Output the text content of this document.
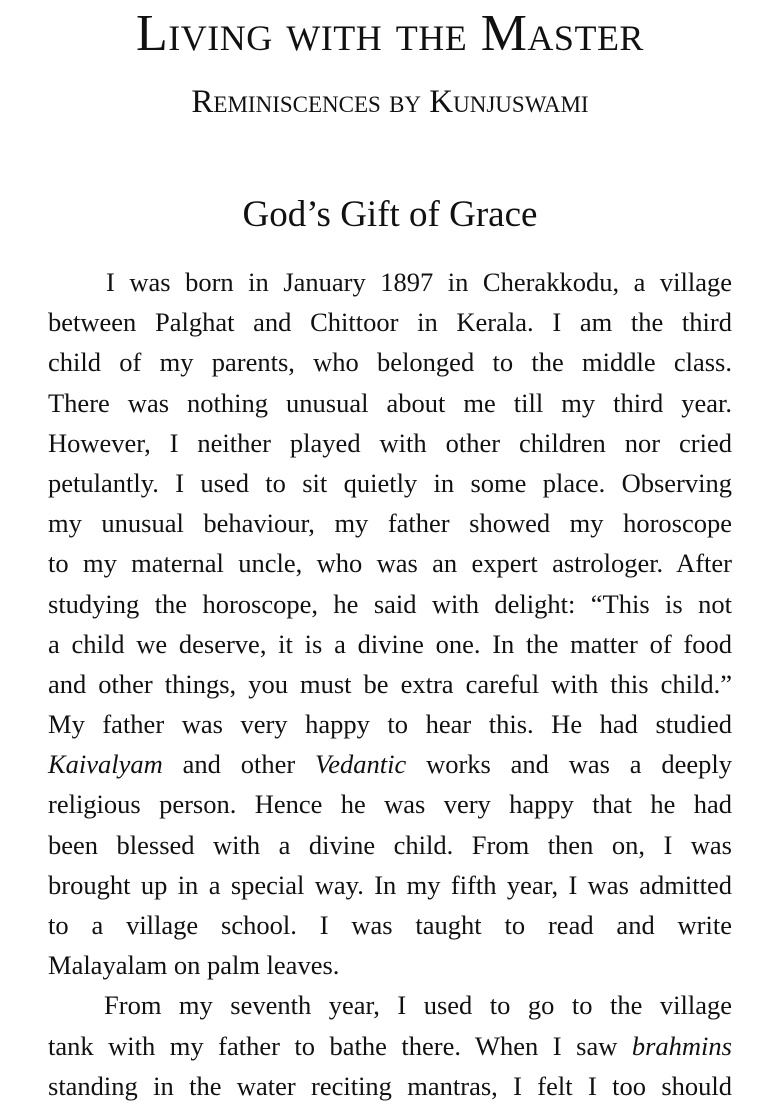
Living with the Master
Reminiscences by Kunjuswami
God’s Gift of Grace
I was born in January 1897 in Cherakkodu, a village
between Palghat and Chittoor in Kerala. I am the third
child of my parents, who belonged to the middle class.
There was nothing unusual about me till my third year.
However, I neither played with other children nor cried
petulantly. I used to sit quietly in some place. Observing
my unusual behaviour, my father showed my horoscope
to my maternal uncle, who was an expert astrologer. After
studying the horoscope, he said with delight: “This is not
a child we deserve, it is a divine one. In the matter of food
and other things, you must be extra careful with this child.”
My father was very happy to hear this. He had studied
Kaivalyam and other Vedantic works and was a deeply
religious person. Hence he was very happy that he had
been blessed with a divine child. From then on, I was
brought up in a special way. In my fifth year, I was admitted
to a village school. I was taught to read and write
Malayalam on palm leaves.
From my seventh year, I used to go to the village
tank with my father to bathe there. When I saw brahmins
standing in the water reciting mantras, I felt I too should
